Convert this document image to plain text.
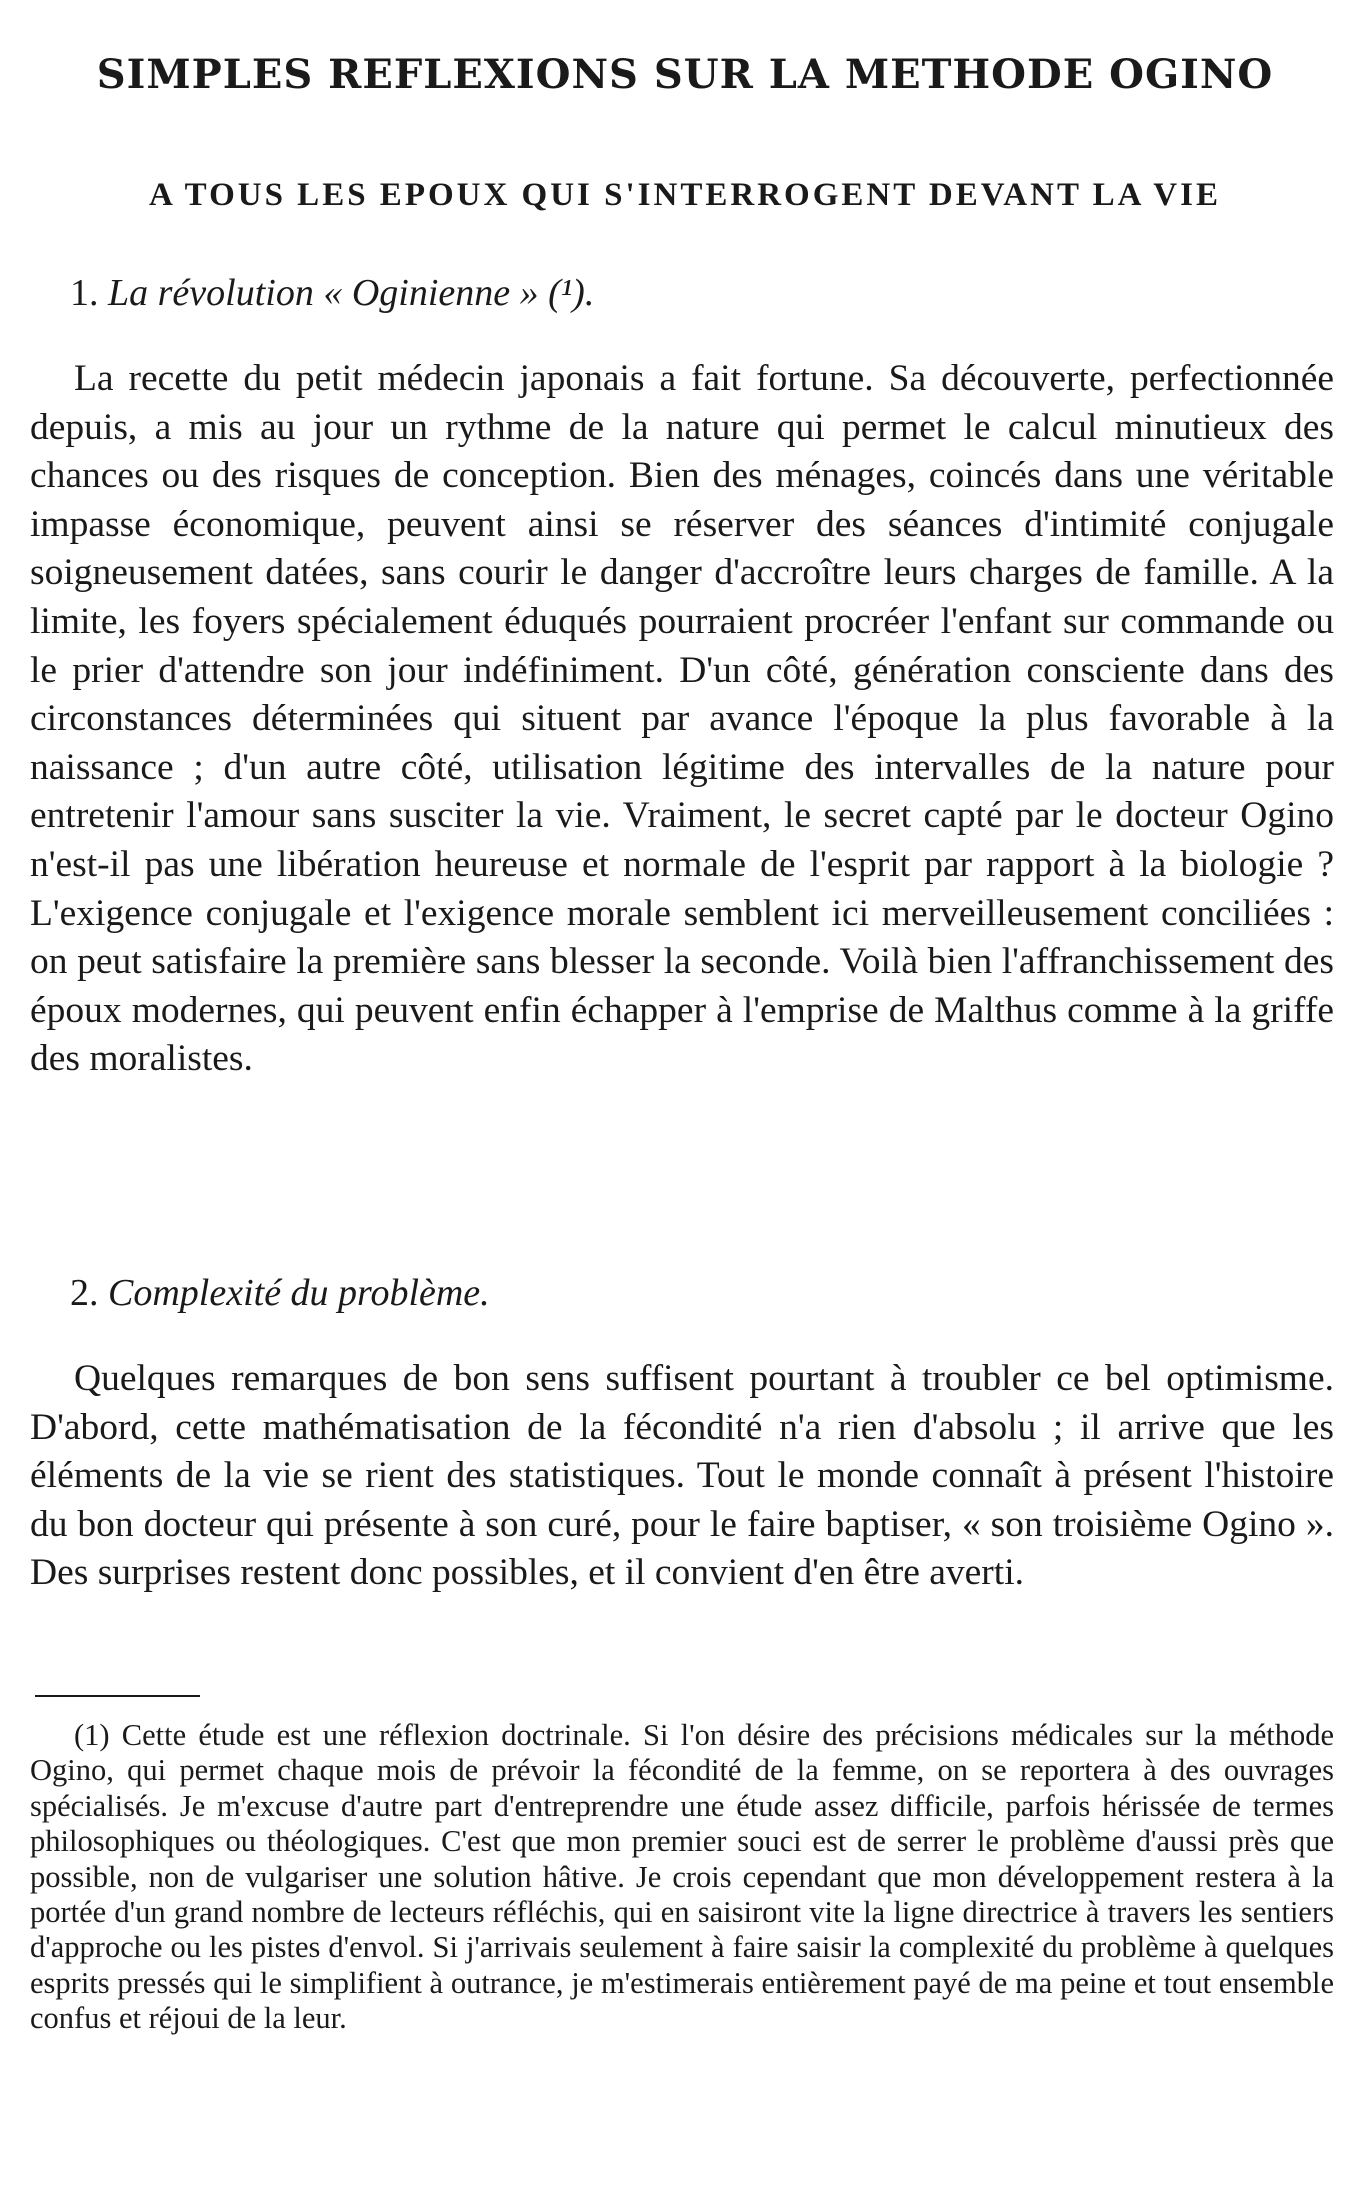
SIMPLES REFLEXIONS SUR LA METHODE OGINO
A TOUS LES EPOUX QUI S'INTERROGENT DEVANT LA VIE
1. La révolution « Oginienne » (¹).

La recette du petit médecin japonais a fait fortune. Sa découverte, perfectionnée depuis, a mis au jour un rythme de la nature qui permet le calcul minutieux des chances ou des risques de conception. Bien des ménages, coincés dans une véritable impasse économique, peuvent ainsi se réserver des séances d'intimité conjugale soigneusement datées, sans courir le danger d'accroître leurs charges de famille. A la limite, les foyers spécialement éduqués pourraient procréer l'enfant sur commande ou le prier d'attendre son jour indéfiniment. D'un côté, génération consciente dans des circonstances déterminées qui situent par avance l'époque la plus favorable à la naissance ; d'un autre côté, utilisation légitime des intervalles de la nature pour entretenir l'amour sans susciter la vie. Vraiment, le secret capté par le docteur Ogino n'est-il pas une libération heureuse et normale de l'esprit par rapport à la biologie ? L'exigence conjugale et l'exigence morale semblent ici merveilleusement conciliées : on peut satisfaire la première sans blesser la seconde. Voilà bien l'affranchissement des époux modernes, qui peuvent enfin échapper à l'emprise de Malthus comme à la griffe des moralistes.

2. Complexité du problème.

Quelques remarques de bon sens suffisent pourtant à troubler ce bel optimisme. D'abord, cette mathématisation de la fécondité n'a rien d'absolu ; il arrive que les éléments de la vie se rient des statistiques. Tout le monde connaît à présent l'histoire du bon docteur qui présente à son curé, pour le faire baptiser, « son troisième Ogino ». Des surprises restent donc possibles, et il convient d'en être averti.

(1) Cette étude est une réflexion doctrinale. Si l'on désire des précisions médicales sur la méthode Ogino, qui permet chaque mois de prévoir la fécondité de la femme, on se reportera à des ouvrages spécialisés. Je m'excuse d'autre part d'entreprendre une étude assez difficile, parfois hérissée de termes philosophiques ou théologiques. C'est que mon premier souci est de serrer le problème d'aussi près que possible, non de vulgariser une solution hâtive. Je crois cependant que mon développement restera à la portée d'un grand nombre de lecteurs réfléchis, qui en saisiront vite la ligne directrice à travers les sentiers d'approche ou les pistes d'envol. Si j'arrivais seulement à faire saisir la complexité du problème à quelques esprits pressés qui le simplifient à outrance, je m'estimerais entièrement payé de ma peine et tout ensemble confus et réjoui de la leur.
